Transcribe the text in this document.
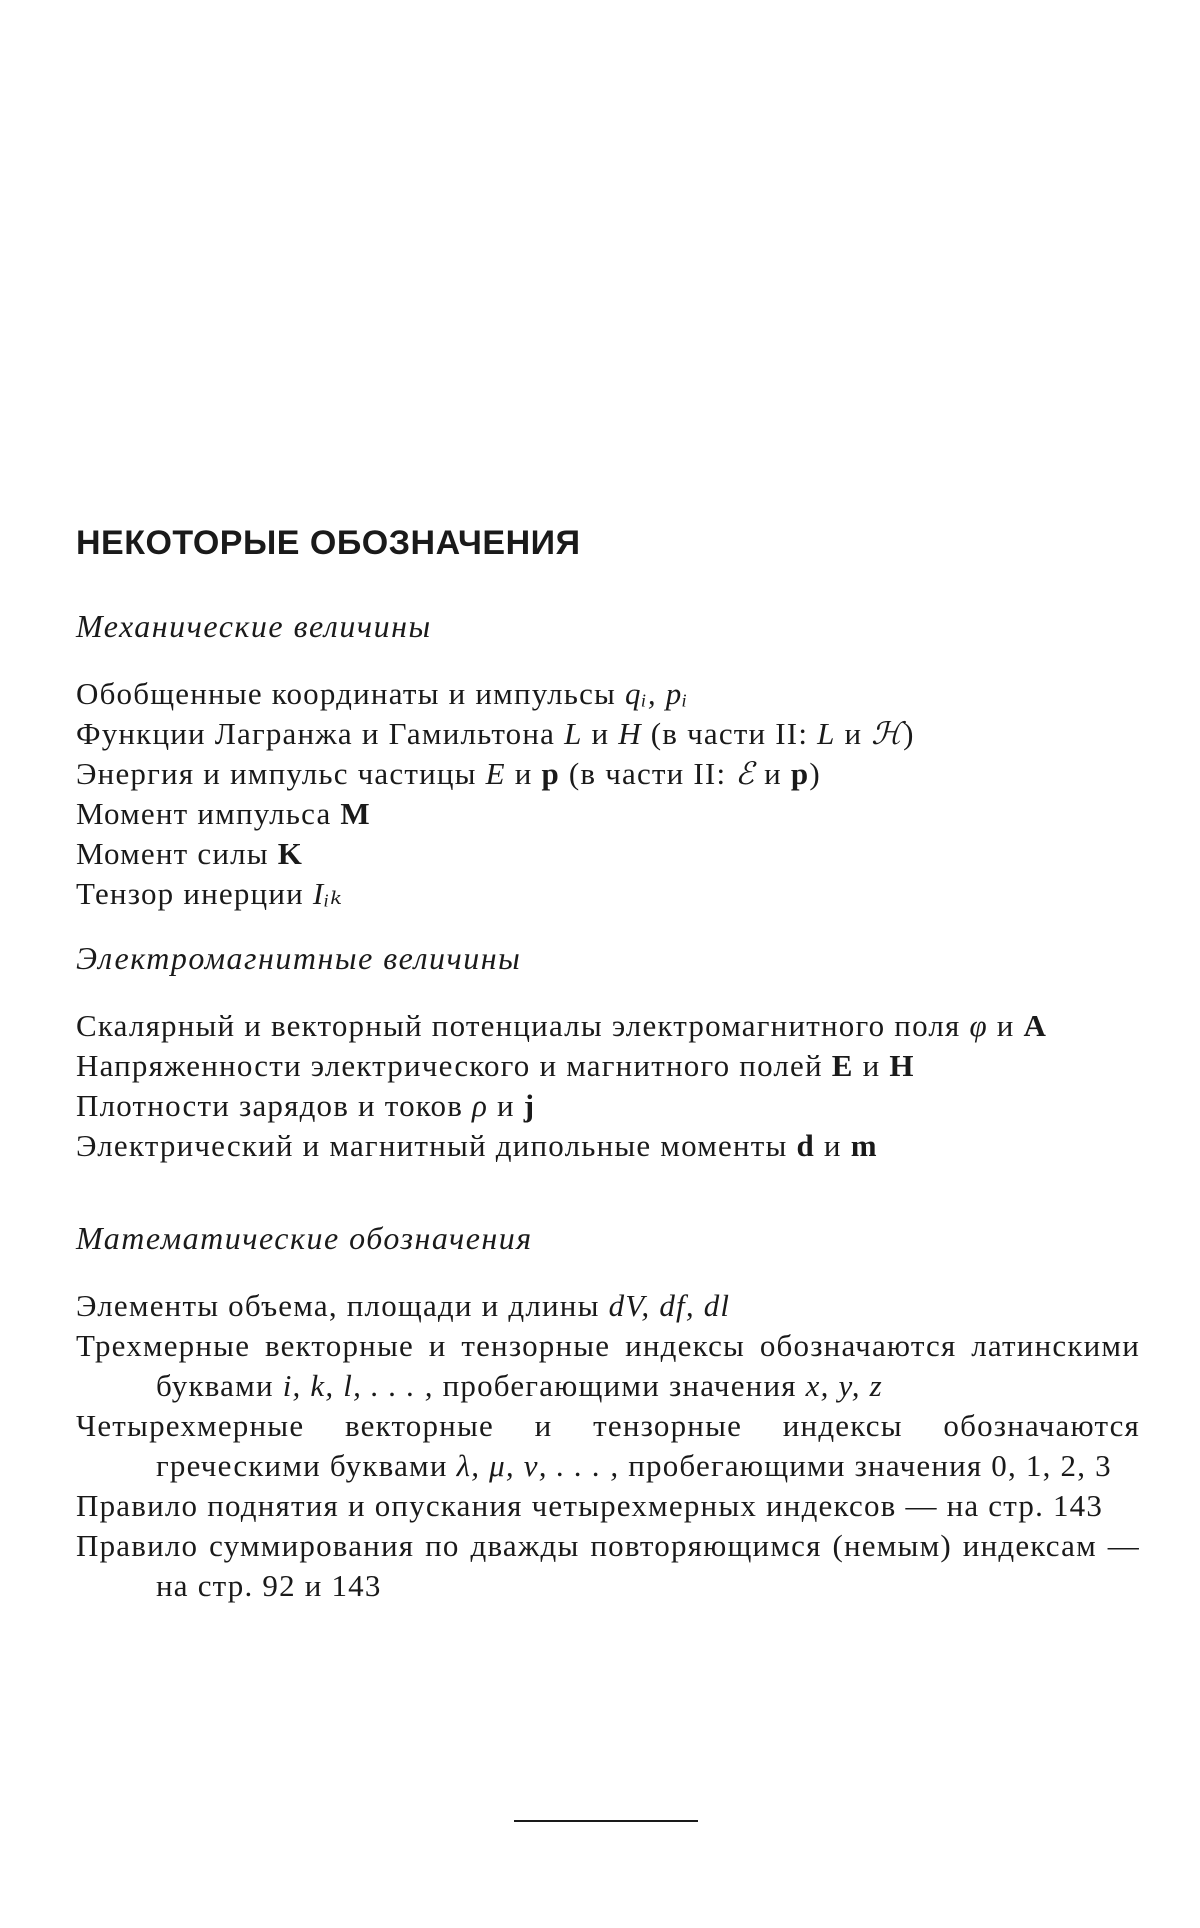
НЕКОТОРЫЕ ОБОЗНАЧЕНИЯ
Механические величины
Обобщенные координаты и импульсы qᵢ, pᵢ
Функции Лагранжа и Гамильтона L и H (в части II: L и ℋ)
Энергия и импульс частицы E и p (в части II: ℰ и p)
Момент импульса M
Момент силы K
Тензор инерции Iᵢₖ
Электромагнитные величины
Скалярный и векторный потенциалы электромагнитного поля φ и A
Напряженности электрического и магнитного полей E и H
Плотности зарядов и токов ρ и j
Электрический и магнитный дипольные моменты d и m
Математические обозначения
Элементы объема, площади и длины dV, df, dl
Трехмерные векторные и тензорные индексы обозначаются латинскими буквами i, k, l, . . . , пробегающими значения x, y, z
Четырехмерные векторные и тензорные индексы обозначаются греческими буквами λ, μ, ν, . . . , пробегающими значения 0, 1, 2, 3
Правило поднятия и опускания четырехмерных индексов — на стр. 143
Правило суммирования по дважды повторяющимся (немым) индексам — на стр. 92 и 143
